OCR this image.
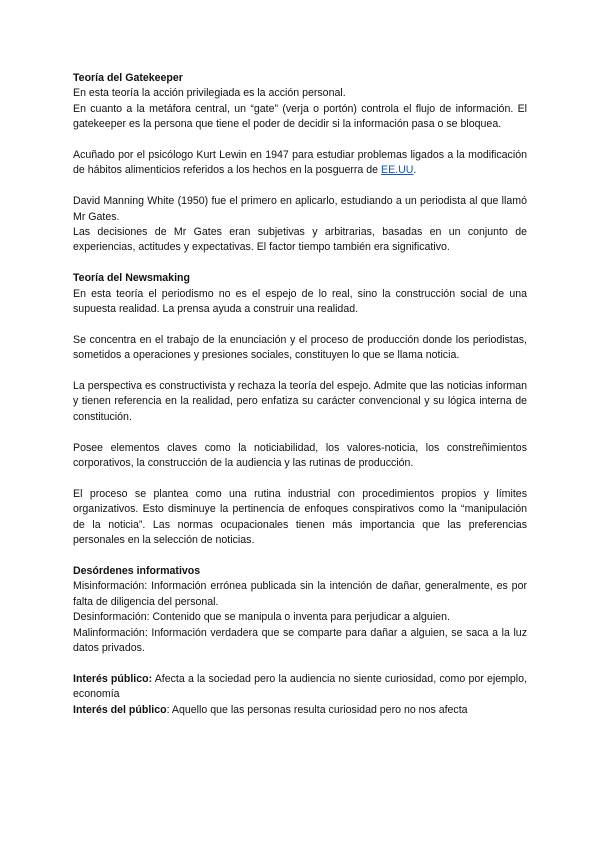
Teoría del Gatekeeper

En esta teoría la acción privilegiada es la acción personal.

En cuanto a la metáfora central, un “gate” (verja o portón) controla el flujo de información. El gatekeeper es la persona que tiene el poder de decidir si la información pasa o se bloquea.

Acuñado por el psicólogo Kurt Lewin en 1947 para estudiar problemas ligados a la modificación de hábitos alimenticios referidos a los hechos en la posguerra de EE.UU.

David Manning White (1950) fue el primero en aplicarlo, estudiando a un periodista al que llamó Mr Gates.

Las decisiones de Mr Gates eran subjetivas y arbitrarias, basadas en un conjunto de experiencias, actitudes y expectativas. El factor tiempo también era significativo.

Teoría del Newsmaking

En esta teoría el periodismo no es el espejo de lo real, sino la construcción social de una supuesta realidad. La prensa ayuda a construir una realidad.

Se concentra en el trabajo de la enunciación y el proceso de producción donde los periodistas, sometidos a operaciones y presiones sociales, constituyen lo que se llama noticia.

La perspectiva es constructivista y rechaza la teoría del espejo. Admite que las noticias informan y tienen referencia en la realidad, pero enfatiza su carácter convencional y su lógica interna de constitución.

Posee elementos claves como la noticiabilidad, los valores-noticia, los constreñimientos corporativos, la construcción de la audiencia y las rutinas de producción.

El proceso se plantea como una rutina industrial con procedimientos propios y límites organizativos. Esto disminuye la pertinencia de enfoques conspirativos como la “manipulación de la noticia”. Las normas ocupacionales tienen más importancia que las preferencias personales en la selección de noticias.

Desórdenes informativos

Misinformación: Información errónea publicada sin la intención de dañar, generalmente, es por falta de diligencia del personal.

Desinformación: Contenido que se manipula o inventa para perjudicar a alguien.

Malinformación: Información verdadera que se comparte para dañar a alguien, se saca a la luz datos privados.

Interés público: Afecta a la sociedad pero la audiencia no siente curiosidad, como por ejemplo, economía

Interés del público: Aquello que las personas resulta curiosidad pero no nos afecta
